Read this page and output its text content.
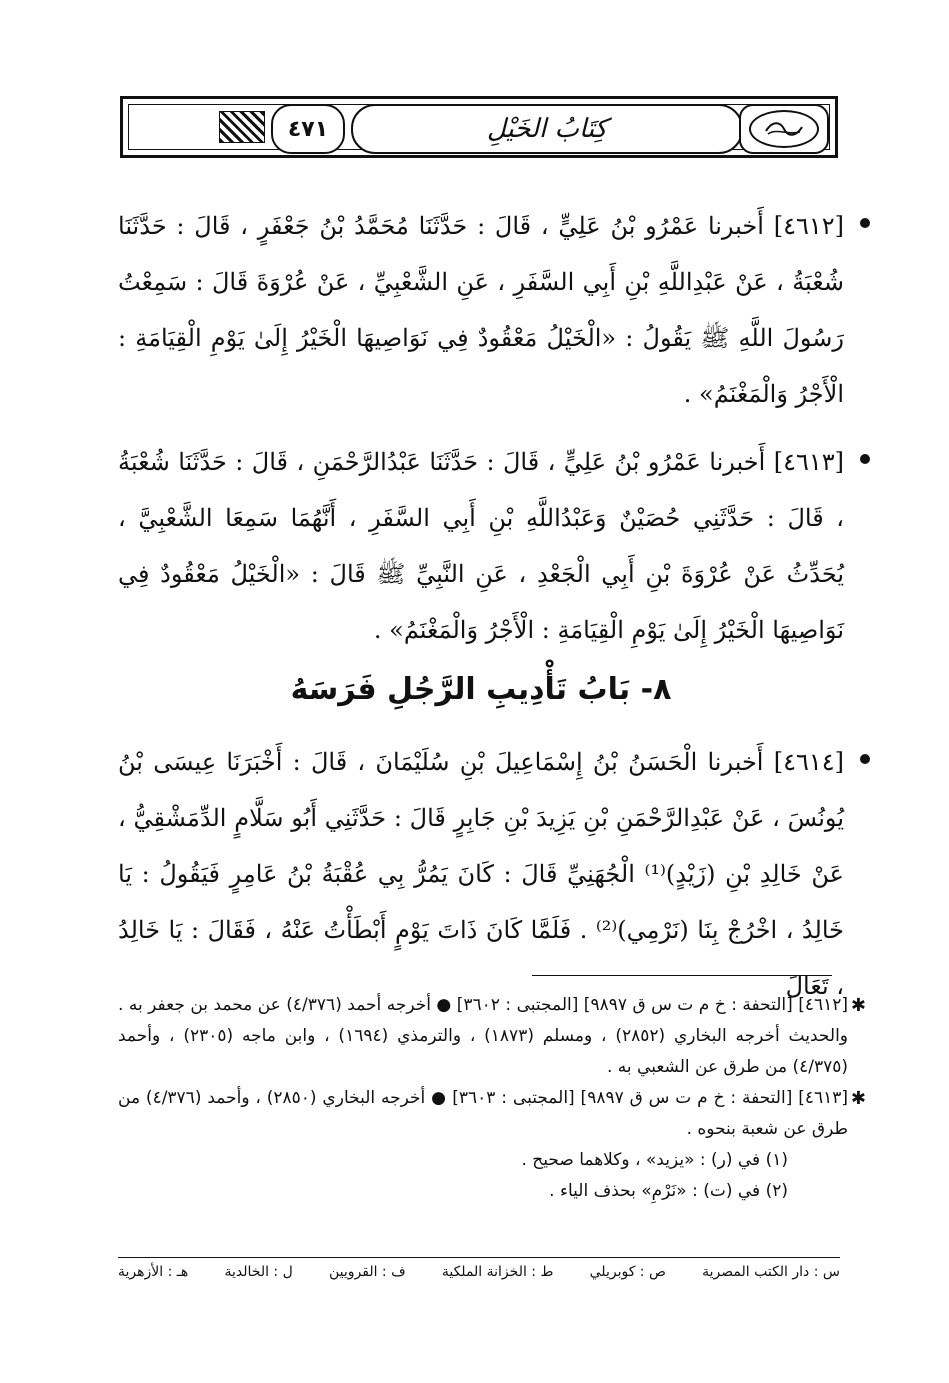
٤٧١	كِتَابُ الخَيْلِ
[٤٦١٢] أَخبرنا عَمْرُو بْنُ عَلِيٍّ ، قَالَ : حَدَّثَنَا مُحَمَّدُ بْنُ جَعْفَرٍ ، قَالَ : حَدَّثَنَا شُعْبَةُ ، عَنْ عَبْدِاللَّهِ بْنِ أَبِي السَّفَرِ ، عَنِ الشَّعْبِيِّ ، عَنْ عُرْوَةَ قَالَ : سَمِعْتُ رَسُولَ اللَّهِ ﷺ يَقُولُ : «الْخَيْلُ مَعْقُودٌ فِي نَوَاصِيهَا الْخَيْرُ إِلَىٰ يَوْمِ الْقِيَامَةِ : الْأَجْرُ وَالْمَغْنَمُ» .
[٤٦١٣] أَخبرنا عَمْرُو بْنُ عَلِيٍّ ، قَالَ : حَدَّثَنَا عَبْدُالرَّحْمَنِ ، قَالَ : حَدَّثَنَا شُعْبَةُ ، قَالَ : حَدَّثَنِي حُصَيْنٌ وَعَبْدُاللَّهِ بْنِ أَبِي السَّفَرِ ، أَنَّهُمَا سَمِعَا الشَّعْبِيَّ ، يُحَدِّثُ عَنْ عُرْوَةَ بْنِ أَبِي الْجَعْدِ ، عَنِ النَّبِيِّ ﷺ قَالَ : «الْخَيْلُ مَعْقُودٌ فِي نَوَاصِيهَا الْخَيْرُ إِلَىٰ يَوْمِ الْقِيَامَةِ : الْأَجْرُ وَالْمَغْنَمُ» .
٨- بَابُ تَأْدِيبِ الرَّجُلِ فَرَسَهُ
[٤٦١٤] أَخبرنا الْحَسَنُ بْنُ إِسْمَاعِيلَ بْنِ سُلَيْمَانَ ، قَالَ : أَخْبَرَنَا عِيسَى بْنُ يُونُسَ ، عَنْ عَبْدِالرَّحْمَنِ بْنِ يَزِيدَ بْنِ جَابِرٍ قَالَ : حَدَّثَنِي أَبُو سَلَّامٍ الدِّمَشْقِيُّ ، عَنْ خَالِدِ بْنِ (زَيْدٍ)⁽¹⁾ الْجُهَنِيِّ قَالَ : كَانَ يَمُرُّ بِي عُقْبَةُ بْنُ عَامِرٍ فَيَقُولُ : يَا خَالِدُ ، اخْرُجْ بِنَا (نَرْمِي)⁽²⁾ . فَلَمَّا كَانَ ذَاتَ يَوْمٍ أَبْطَأْتُ عَنْهُ ، فَقَالَ : يَا خَالِدُ ، تَعَالَ
✱
[٤٦١٢] [التحفة : خ م ت س ق ٩٨٩٧] [المجتبى : ٣٦٠٢] ● أخرجه أحمد (٤/٣٧٦) عن محمد بن جعفر به . والحديث أخرجه البخاري (٢٨٥٢) ، ومسلم (١٨٧٣) ، والترمذي (١٦٩٤) ، وابن ماجه (٢٣٠٥) ، وأحمد (٤/٣٧٥) من طرق عن الشعبي به .
✱
[٤٦١٣] [التحفة : خ م ت س ق ٩٨٩٧] [المجتبى : ٣٦٠٣] ● أخرجه البخاري (٢٨٥٠) ، وأحمد (٤/٣٧٦) من طرق عن شعبة بنحوه .
(١) في (ر) : «يزيد» ، وكلاهما صحيح .
(٢) في (ت) : «نَرْمِ» بحذف الياء .
س : دار الكتب المصرية
ص : كوبريلي
ط : الخزانة الملكية
ف : القرويين
ل : الخالدية
هـ : الأزهرية
